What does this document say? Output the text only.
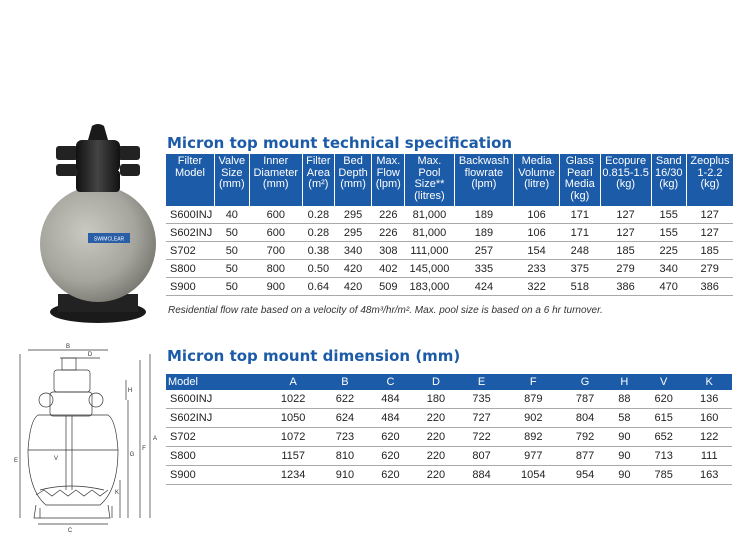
SWIMCLEAR
B
D
E
A
F
G
H
V
K
C
Micron top mount technical specification
Filter Model	Valve Size (mm)	Inner Diameter (mm)	Filter Area (m²)	Bed Depth (mm)	Max. Flow (lpm)	Max. Pool Size** (litres)	Backwash flowrate (lpm)	Media Volume (litre)	Glass Pearl Media (kg)	Ecopure 0.815-1.5 (kg)	Sand 16/30 (kg)	Zeoplus 1-2.2 (kg)
S600INJ	40	600	0.28	295	226	81,000	189	106	171	127	155	127
S602INJ	50	600	0.28	295	226	81,000	189	106	171	127	155	127
S702	50	700	0.38	340	308	111,000	257	154	248	185	225	185
S800	50	800	0.50	420	402	145,000	335	233	375	279	340	279
S900	50	900	0.64	420	509	183,000	424	322	518	386	470	386
Residential flow rate based on a velocity of 48m³/hr/m². Max. pool size is based on a 6 hr turnover.
Micron top mount dimension (mm)
Model	A	B	C	D	E	F	G	H	V	K
S600INJ	1022	622	484	180	735	879	787	88	620	136
S602INJ	1050	624	484	220	727	902	804	58	615	160
S702	1072	723	620	220	722	892	792	90	652	122
S800	1157	810	620	220	807	977	877	90	713	111
S900	1234	910	620	220	884	1054	954	90	785	163
